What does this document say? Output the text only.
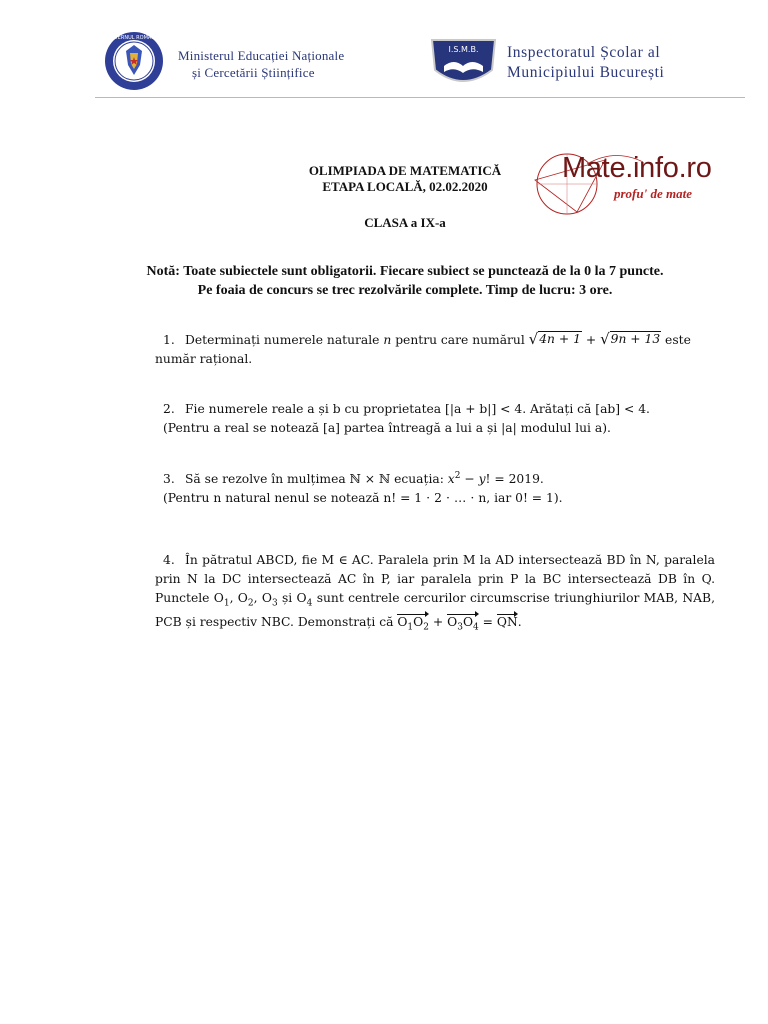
GUVERNUL ROMÂNIEI
Ministerul Educației Naționale
și Cercetării Științifice
I.S.M.B. Inspectoratul Școlar al
Municipiului București
Mate.info.ro
profu' de mate
OLIMPIADA DE MATEMATICĂ
ETAPA LOCALĂ, 02.02.2020
CLASA a IX-a
Notă: Toate subiectele sunt obligatorii. Fiecare subiect se punctează de la 0 la 7 puncte.
Pe foaia de concurs se trec rezolvările complete. Timp de lucru: 3 ore.
1. Determinați numerele naturale n pentru care numărul √ 4n + 1 + √ 9n + 13 este
număr rațional.
2. Fie numerele reale a și b cu proprietatea [|a + b|] < 4. Arătați că [ab] < 4.
(Pentru a real se notează [a] partea întreagă a lui a și |a| modulul lui a).
3. Să se rezolve în mulțimea ℕ × ℕ ecuația: $x^2 - y$! = 2019.
(Pentru n natural nenul se notează n! = 1 ⋅ 2 ⋅ … ⋅ n, iar 0! = 1).
4. În pătratul ABCD, fie M ∈ AC. Paralela prin M la AD intersectează BD în N, paralela prin N la DC intersectează AC în P, iar paralela prin P la BC intersectează DB în Q. Punctele $O_1$, $O_2$, $O_3$ și $O_4$ sunt centrele cercurilor circumscrise triunghiurilor MAB, NAB, PCB și respectiv NBC. Demonstrați că $O_1O_2 + O_3O_4$ = QN.
